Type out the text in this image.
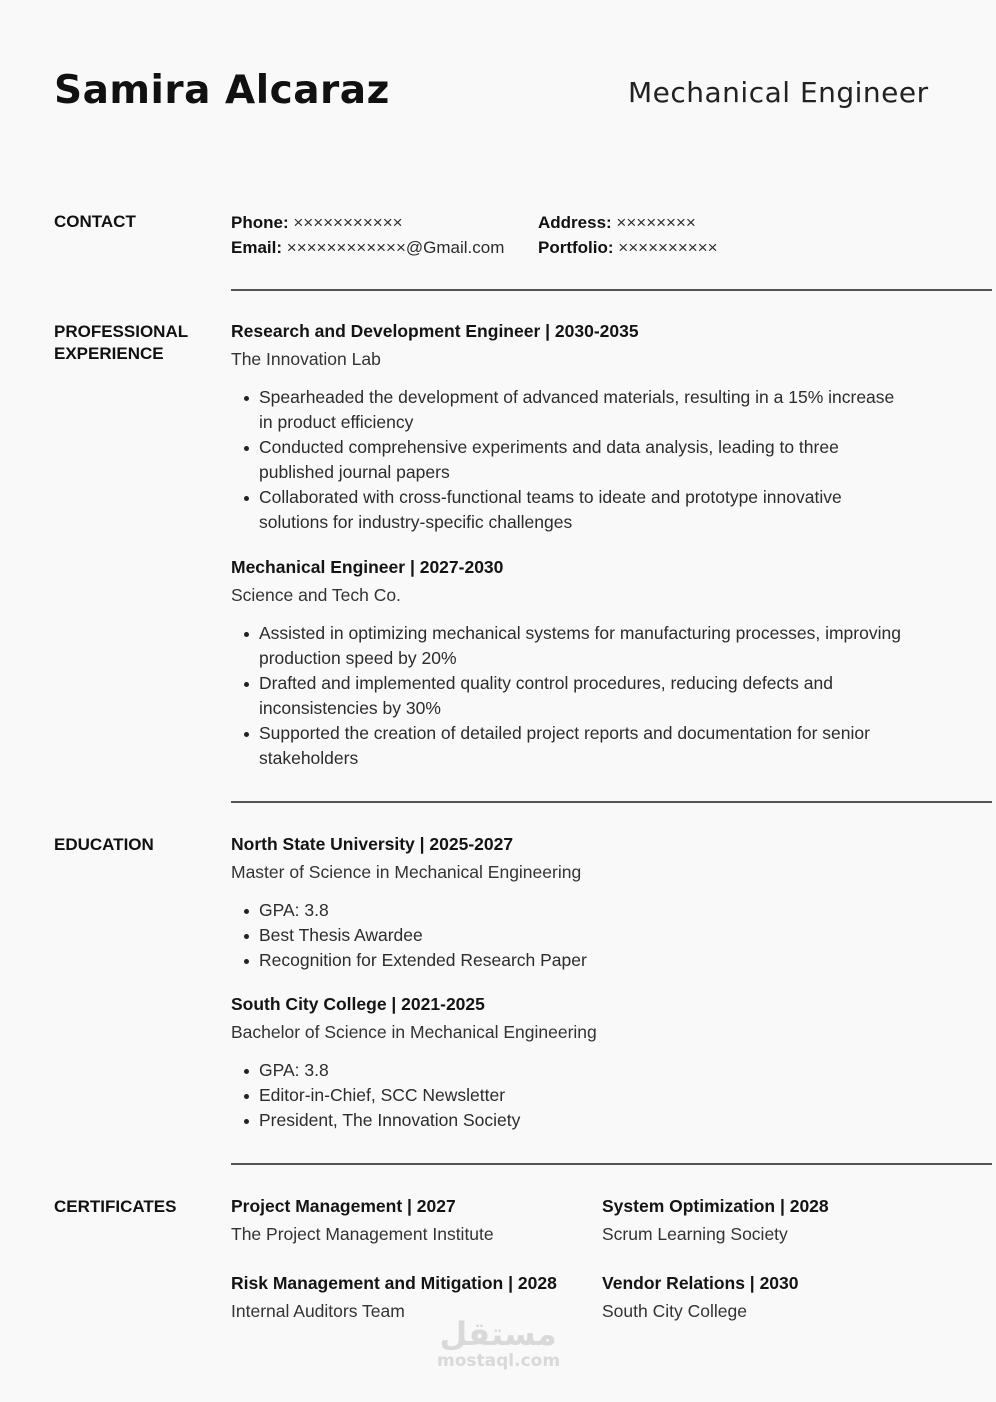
Samira Alcaraz	Mechanical Engineer
CONTACT	Phone: ×××××××××××
Email: ××××××××××××@Gmail.com
Address: ××××××××
Portfolio: ××××××××××
PROFESSIONAL
EXPERIENCE
Research and Development Engineer | 2030-2035
The Innovation Lab
Spearheaded the development of advanced materials, resulting in a 15% increase in product efficiency
Conducted comprehensive experiments and data analysis, leading to three published journal papers
Collaborated with cross-functional teams to ideate and prototype innovative solutions for industry-specific challenges
Mechanical Engineer | 2027-2030
Science and Tech Co.
Assisted in optimizing mechanical systems for manufacturing processes, improving production speed by 20%
Drafted and implemented quality control procedures, reducing defects and inconsistencies by 30%
Supported the creation of detailed project reports and documentation for senior stakeholders
EDUCATION	North State University | 2025-2027
Master of Science in Mechanical Engineering
GPA: 3.8
Best Thesis Awardee
Recognition for Extended Research Paper
South City College | 2021-2025
Bachelor of Science in Mechanical Engineering
GPA: 3.8
Editor-in-Chief, SCC Newsletter
President, The Innovation Society
CERTIFICATES	Project Management | 2027
The Project Management Institute
System Optimization | 2028
Scrum Learning Society
Risk Management and Mitigation | 2028
Internal Auditors Team
Vendor Relations | 2030
South City College
مستقل
mostaql.com
